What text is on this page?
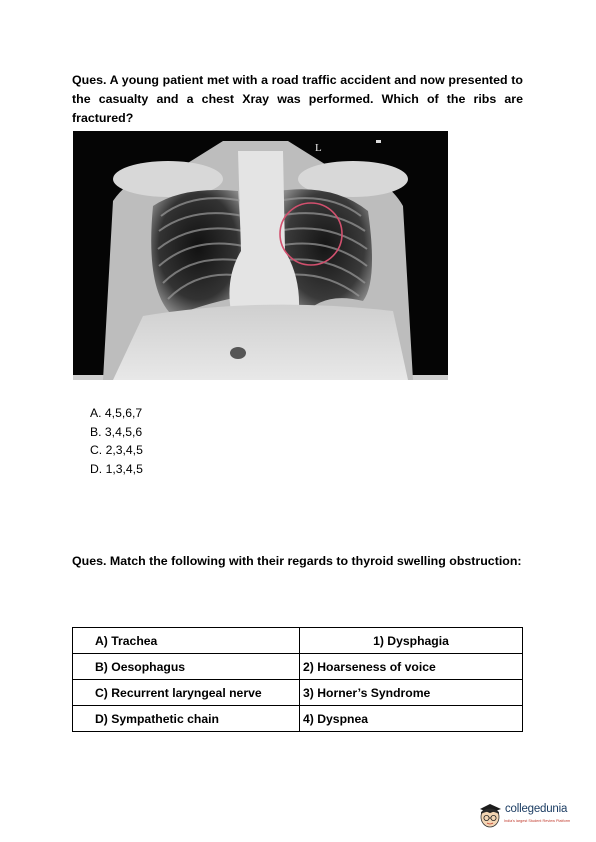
Ques. A young patient met with a road traffic accident and now presented to the casualty and a chest Xray was performed. Which of the ribs are fractured?

L
A. 4,5,6,7
B. 3,4,5,6
C. 2,3,4,5
D. 1,3,4,5

Ques. Match the following with their regards to thyroid swelling obstruction:

A) Trachea	1) Dysphagia
B) Oesophagus	2) Hoarseness of voice
C) Recurrent laryngeal nerve	3) Horner’s Syndrome
D) Sympathetic chain	4) Dyspnea
collegedunia
India's largest Student Review Platform
